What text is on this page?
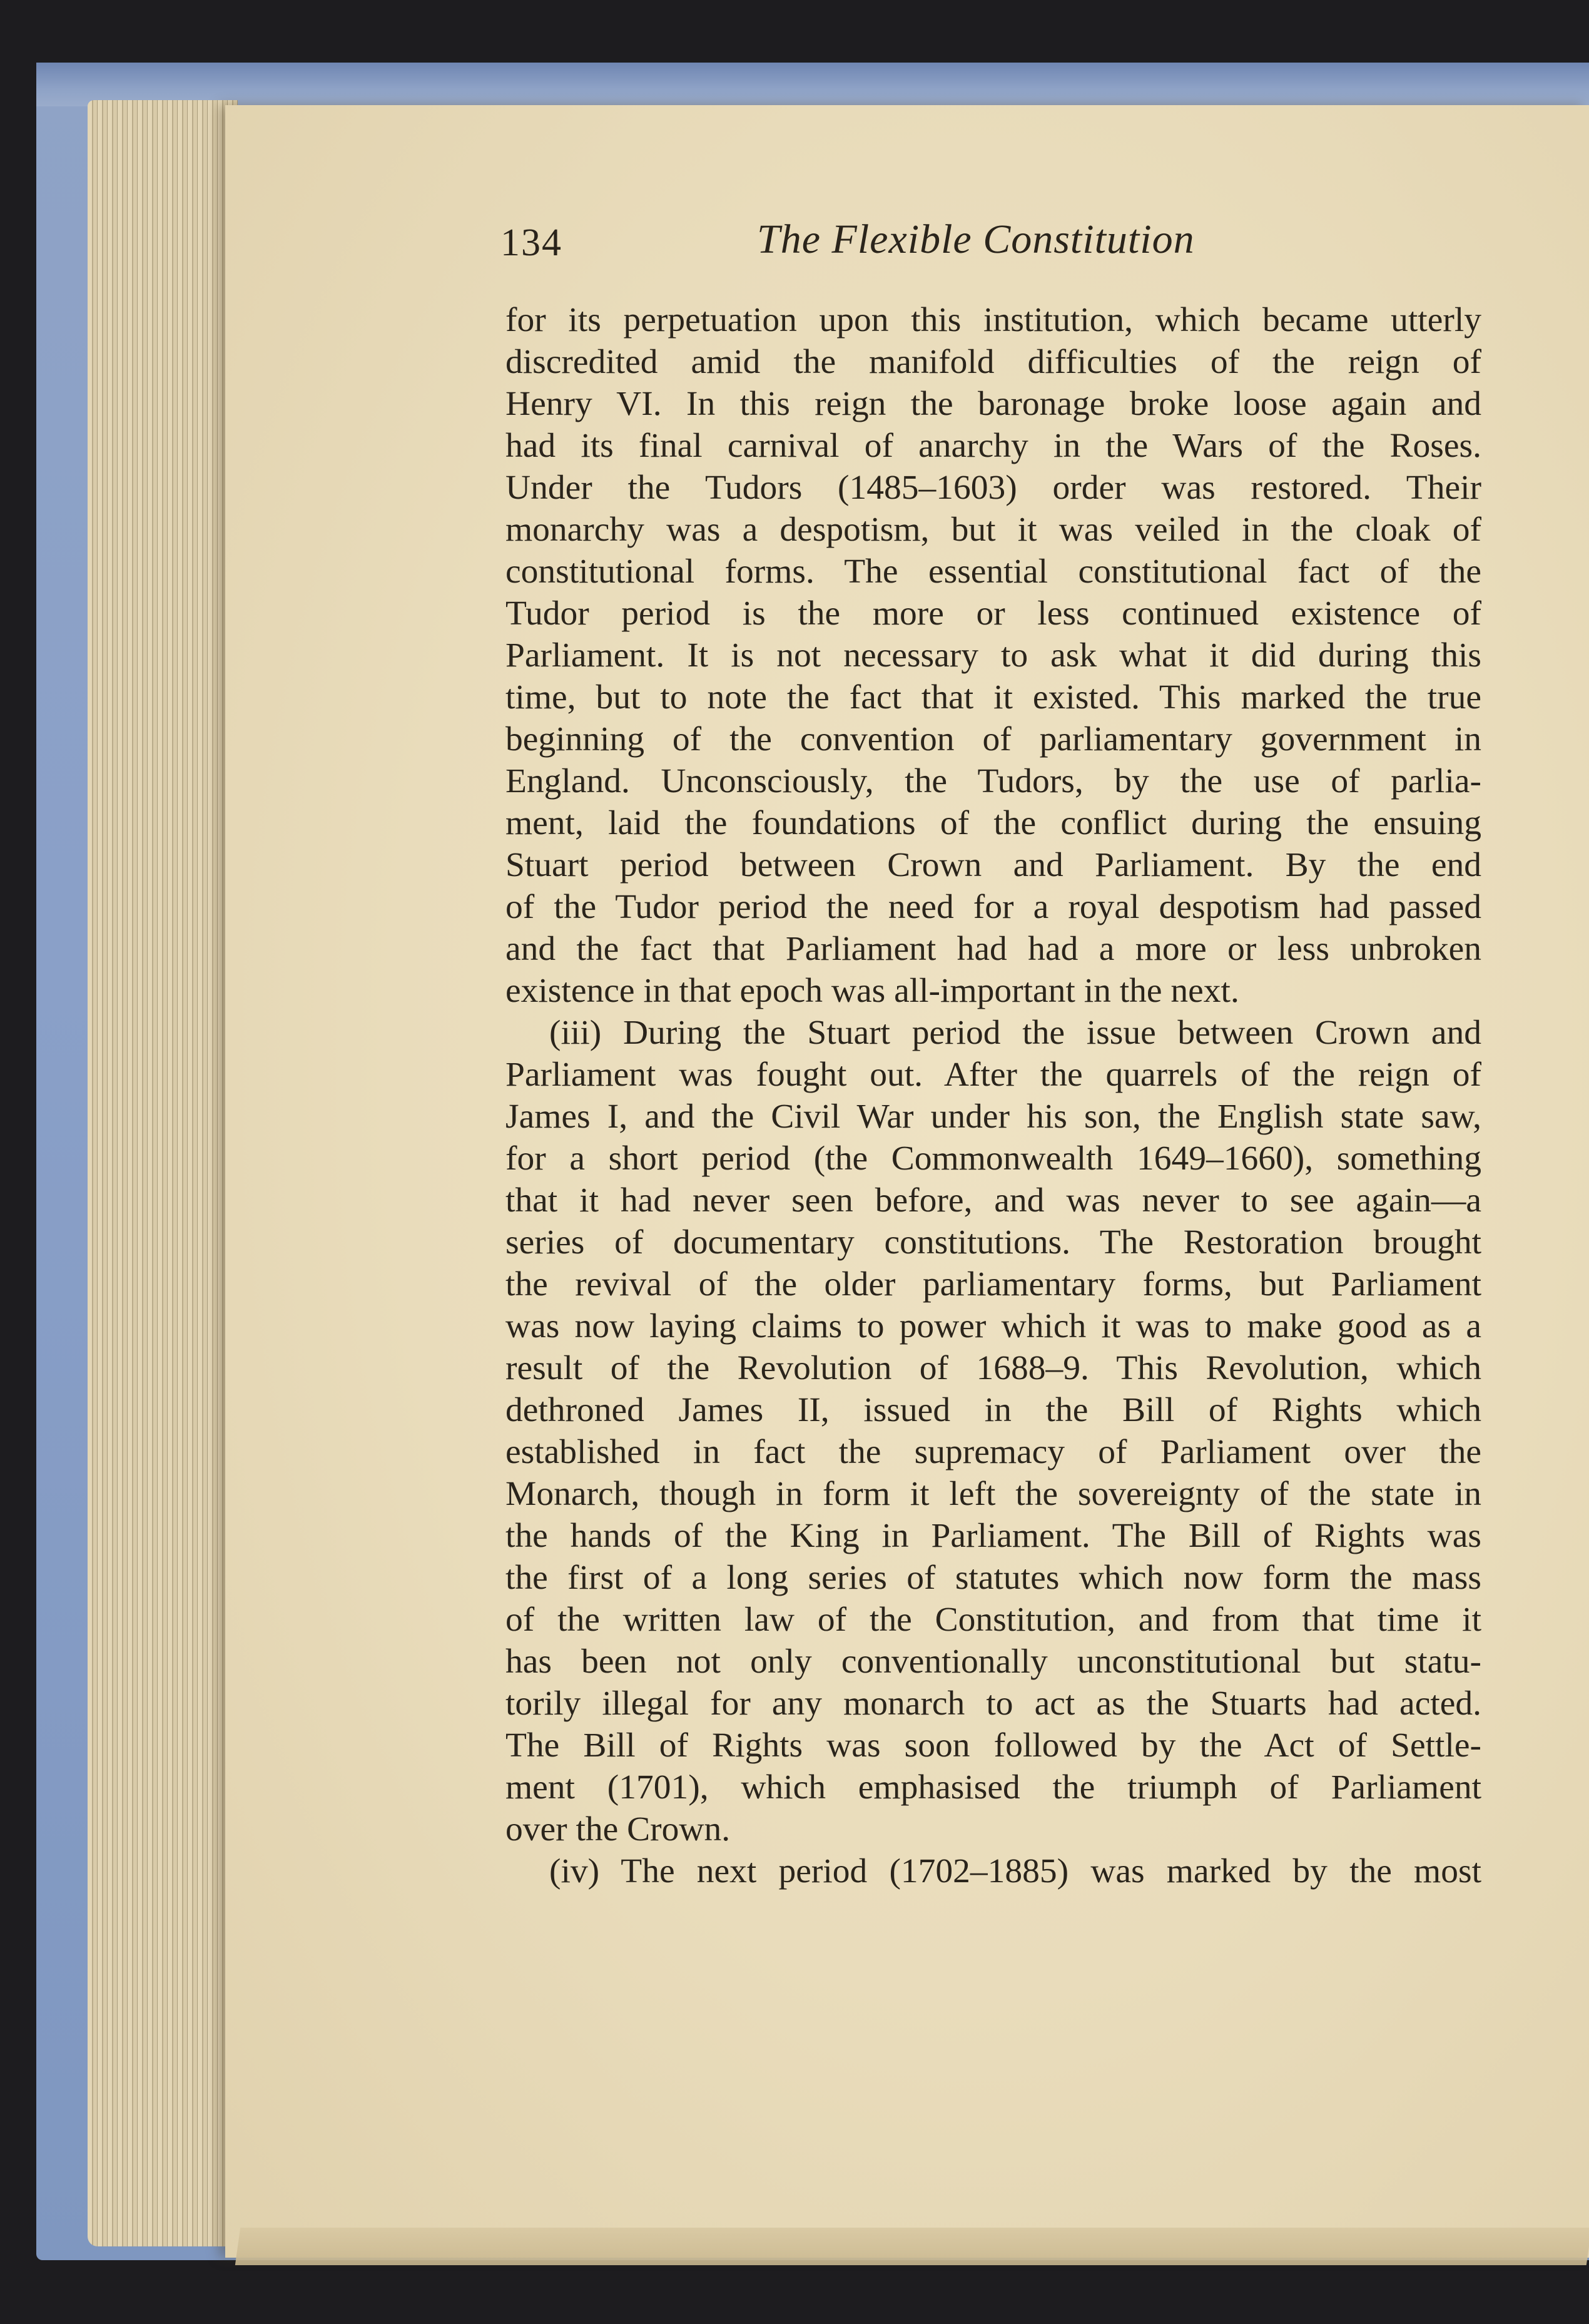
134	The Flexible Constitution

for its perpetuation upon this institution, which became utterly
discredited amid the manifold difficulties of the reign of
Henry VI. In this reign the baronage broke loose again and
had its final carnival of anarchy in the Wars of the Roses.
Under the Tudors (1485–1603) order was restored. Their
monarchy was a despotism, but it was veiled in the cloak of
constitutional forms. The essential constitutional fact of the
Tudor period is the more or less continued existence of
Parliament. It is not necessary to ask what it did during this
time, but to note the fact that it existed. This marked the true
beginning of the convention of parliamentary government in
England. Unconsciously, the Tudors, by the use of parlia-
ment, laid the foundations of the conflict during the ensuing
Stuart period between Crown and Parliament. By the end
of the Tudor period the need for a royal despotism had passed
and the fact that Parliament had had a more or less unbroken
existence in that epoch was all-important in the next.

(iii) During the Stuart period the issue between Crown and
Parliament was fought out. After the quarrels of the reign of
James I, and the Civil War under his son, the English state saw,
for a short period (the Commonwealth 1649–1660), something
that it had never seen before, and was never to see again—a
series of documentary constitutions. The Restoration brought
the revival of the older parliamentary forms, but Parliament
was now laying claims to power which it was to make good as a
result of the Revolution of 1688–9. This Revolution, which
dethroned James II, issued in the Bill of Rights which
established in fact the supremacy of Parliament over the
Monarch, though in form it left the sovereignty of the state in
the hands of the King in Parliament. The Bill of Rights was
the first of a long series of statutes which now form the mass
of the written law of the Constitution, and from that time it
has been not only conventionally unconstitutional but statu-
torily illegal for any monarch to act as the Stuarts had acted.
The Bill of Rights was soon followed by the Act of Settle-
ment (1701), which emphasised the triumph of Parliament
over the Crown.

(iv) The next period (1702–1885) was marked by the most
